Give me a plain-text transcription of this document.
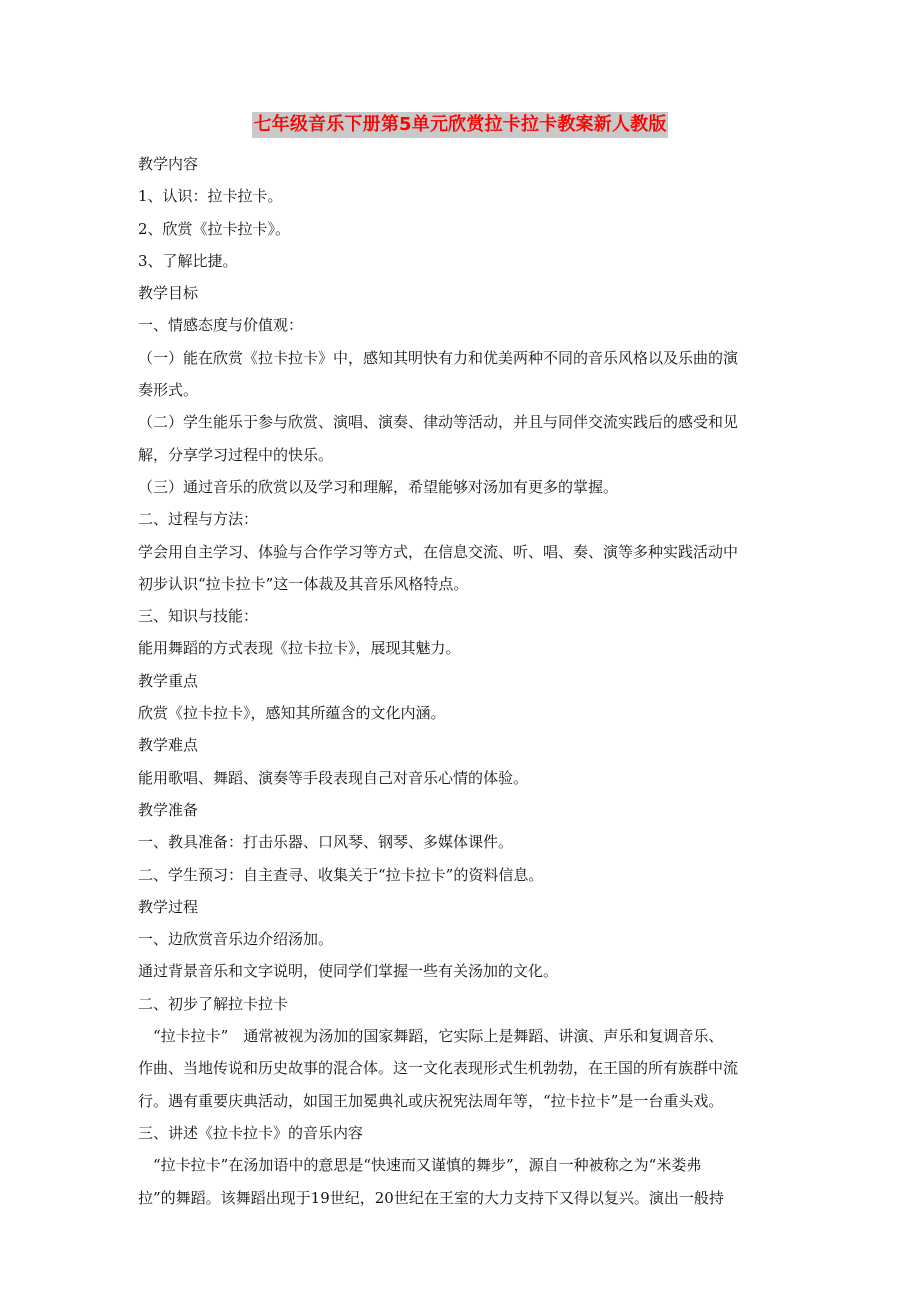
七年级音乐下册第5单元欣赏拉卡拉卡教案新人教版

教学内容

1、认识：拉卡拉卡。

2、欣赏《拉卡拉卡》。

3、了解比捷。

教学目标

一、情感态度与价值观：

（一）能在欣赏《拉卡拉卡》中，感知其明快有力和优美两种不同的音乐风格以及乐曲的演

奏形式。

（二）学生能乐于参与欣赏、演唱、演奏、律动等活动，并且与同伴交流实践后的感受和见

解，分享学习过程中的快乐。

（三）通过音乐的欣赏以及学习和理解，希望能够对汤加有更多的掌握。

二、过程与方法：

学会用自主学习、体验与合作学习等方式，在信息交流、听、唱、奏、演等多种实践活动中

初步认识“拉卡拉卡”这一体裁及其音乐风格特点。

三、知识与技能：

能用舞蹈的方式表现《拉卡拉卡》，展现其魅力。

教学重点

欣赏《拉卡拉卡》，感知其所蕴含的文化内涵。

教学难点

能用歌唱、舞蹈、演奏等手段表现自己对音乐心情的体验。

教学准备

一、教具准备：打击乐器、口风琴、钢琴、多媒体课件。

二、学生预习：自主查寻、收集关于“拉卡拉卡”的资料信息。

教学过程

一、边欣赏音乐边介绍汤加。

通过背景音乐和文字说明，使同学们掌握一些有关汤加的文化。

二、初步了解拉卡拉卡

“拉卡拉卡”　通常被视为汤加的国家舞蹈，它实际上是舞蹈、讲演、声乐和复调音乐、

作曲、当地传说和历史故事的混合体。这一文化表现形式生机勃勃，在王国的所有族群中流

行。遇有重要庆典活动，如国王加冕典礼或庆祝宪法周年等，“拉卡拉卡”是一台重头戏。

三、讲述《拉卡拉卡》的音乐内容

“拉卡拉卡”在汤加语中的意思是“快速而又谨慎的舞步”，源自一种被称之为“米娄弗

拉”的舞蹈。该舞蹈出现于19世纪，20世纪在王室的大力支持下又得以复兴。演出一般持
